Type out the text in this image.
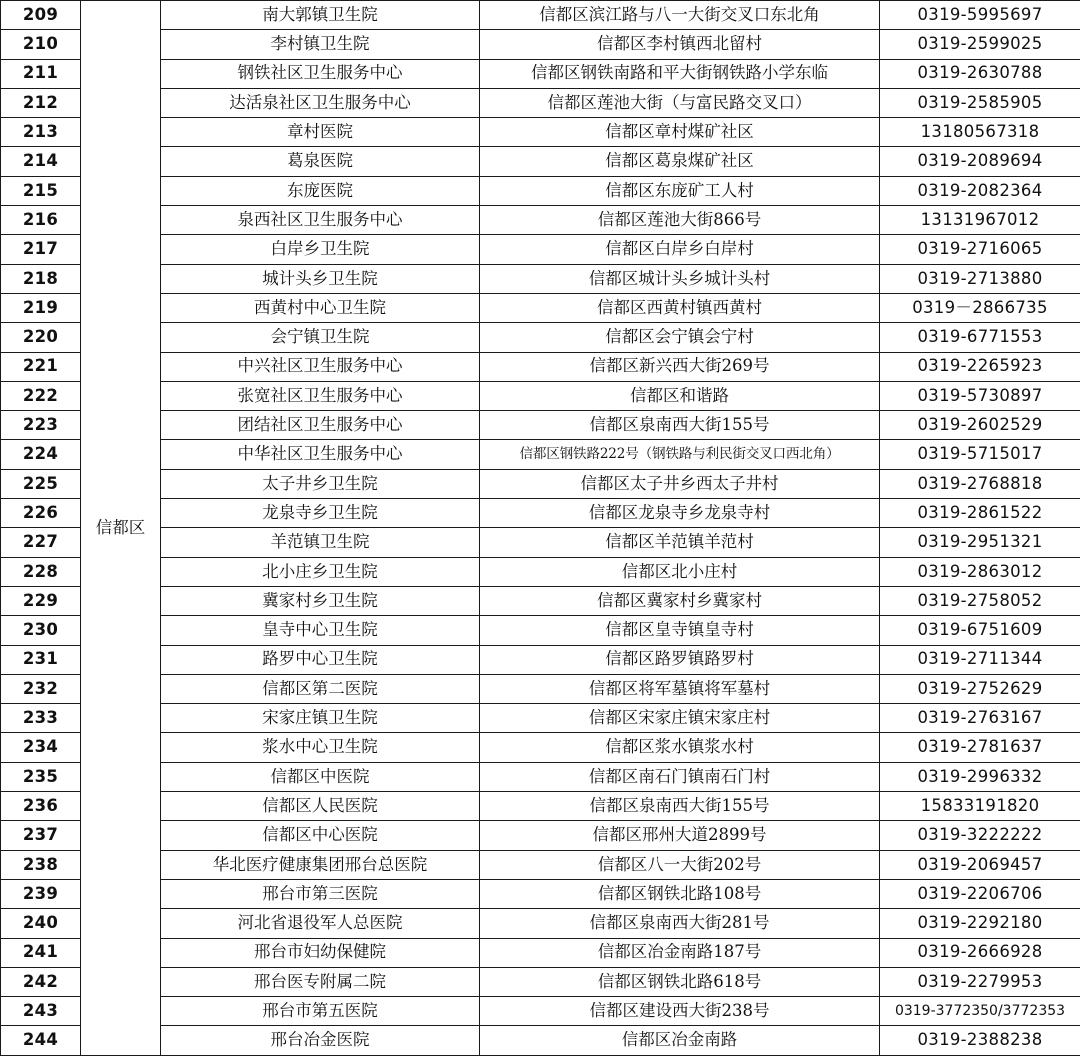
209	信都区	南大郭镇卫生院	信都区滨江路与八一大街交叉口东北角	0319-5995697
210		李村镇卫生院	信都区李村镇西北留村	0319-2599025
211		钢铁社区卫生服务中心	信都区钢铁南路和平大街钢铁路小学东临	0319-2630788
212		达活泉社区卫生服务中心	信都区莲池大街（与富民路交叉口）	0319-2585905
213		章村医院	信都区章村煤矿社区	13180567318
214		葛泉医院	信都区葛泉煤矿社区	0319-2089694
215		东庞医院	信都区东庞矿工人村	0319-2082364
216		泉西社区卫生服务中心	信都区莲池大街866号	13131967012
217		白岸乡卫生院	信都区白岸乡白岸村	0319-2716065
218		城计头乡卫生院	信都区城计头乡城计头村	0319-2713880
219		西黄村中心卫生院	信都区西黄村镇西黄村	0319－2866735
220		会宁镇卫生院	信都区会宁镇会宁村	0319-6771553
221		中兴社区卫生服务中心	信都区新兴西大街269号	0319-2265923
222		张宽社区卫生服务中心	信都区和谐路	0319-5730897
223		团结社区卫生服务中心	信都区泉南西大街155号	0319-2602529
224		中华社区卫生服务中心	信都区钢铁路222号（钢铁路与利民街交叉口西北角）	0319-5715017
225		太子井乡卫生院	信都区太子井乡西太子井村	0319-2768818
226		龙泉寺乡卫生院	信都区龙泉寺乡龙泉寺村	0319-2861522
227		羊范镇卫生院	信都区羊范镇羊范村	0319-2951321
228		北小庄乡卫生院	信都区北小庄村	0319-2863012
229		冀家村乡卫生院	信都区冀家村乡冀家村	0319-2758052
230		皇寺中心卫生院	信都区皇寺镇皇寺村	0319-6751609
231		路罗中心卫生院	信都区路罗镇路罗村	0319-2711344
232		信都区第二医院	信都区将军墓镇将军墓村	0319-2752629
233		宋家庄镇卫生院	信都区宋家庄镇宋家庄村	0319-2763167
234		浆水中心卫生院	信都区浆水镇浆水村	0319-2781637
235		信都区中医院	信都区南石门镇南石门村	0319-2996332
236		信都区人民医院	信都区泉南西大街155号	15833191820
237		信都区中心医院	信都区邢州大道2899号	0319-3222222
238		华北医疗健康集团邢台总医院	信都区八一大街202号	0319-2069457
239		邢台市第三医院	信都区钢铁北路108号	0319-2206706
240		河北省退役军人总医院	信都区泉南西大街281号	0319-2292180
241		邢台市妇幼保健院	信都区冶金南路187号	0319-2666928
242		邢台医专附属二院	信都区钢铁北路618号	0319-2279953
243		邢台市第五医院	信都区建设西大街238号	0319-3772350/3772353
244		邢台冶金医院	信都区冶金南路	0319-2388238
